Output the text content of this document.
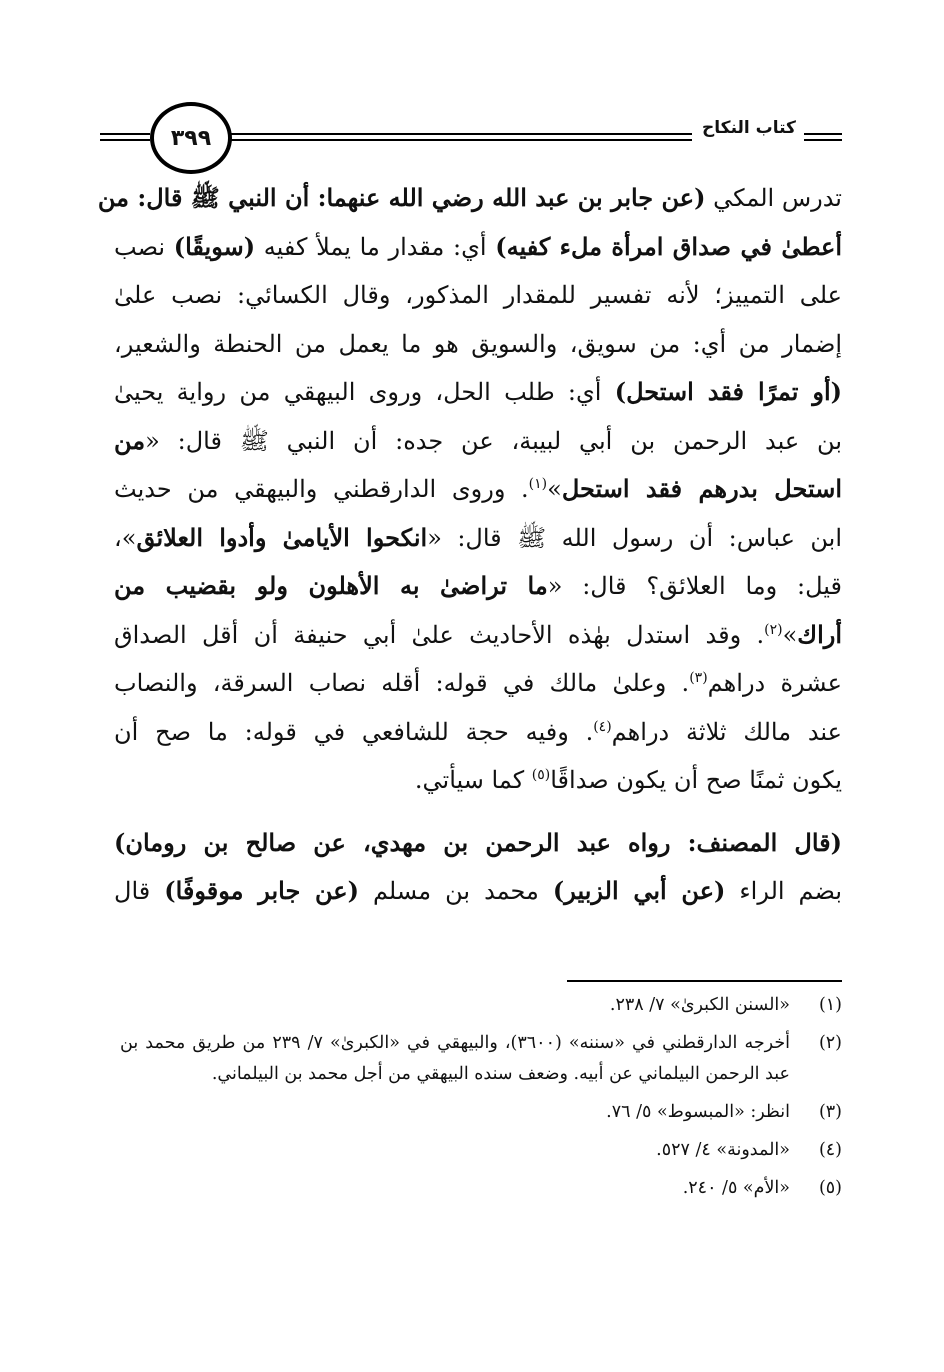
٣٩٩	كتاب النكاح
تدرس المكي (عن جابر بن عبد الله رضي الله عنهما: أن النبي ﷺ قال: من
أعطىٰ في صداق امرأة ملء كفيه) أي: مقدار ما يملأ كفيه (سويقًا) نصب
على التمييز؛ لأنه تفسير للمقدار المذكور، وقال الكسائي: نصب علىٰ
إضمار من أي: من سويق، والسويق هو ما يعمل من الحنطة والشعير،
(أو تمرًا فقد استحل) أي: طلب الحل، وروى البيهقي من رواية يحيىٰ
بن عبد الرحمن بن أبي لبيبة، عن جده: أن النبي ﷺ قال: «من
استحل بدرهم فقد استحل»$^{(١)}$. وروى الدارقطني والبيهقي من حديث
ابن عباس: أن رسول الله ﷺ قال: «انكحوا الأيامىٰ وأدوا العلائق»،
قيل: وما العلائق؟ قال: «ما تراضىٰ به الأهلون ولو بقضيب من
أراك»$^{(٢)}$. وقد استدل بهٰذه الأحاديث علىٰ أبي حنيفة أن أقل الصداق
عشرة دراهم$^{(٣)}$. وعلىٰ مالك في قوله: أقله نصاب السرقة، والنصاب
عند مالك ثلاثة دراهم$^{(٤)}$. وفيه حجة للشافعي في قوله: ما صح أن
يكون ثمنًا صح أن يكون صداقًا$^{(٥)}$ كما سيأتي.
(قال المصنف: رواه عبد الرحمن بن مهدي، عن صالح بن رومان)
بضم الراء (عن أبي الزبير) محمد بن مسلم (عن جابر موقوفًا) قال
(١)
«السنن الكبرىٰ» ٧/ ٢٣٨.
(٢)
أخرجه الدارقطني في «سننه» (٣٦٠٠)، والبيهقي في «الكبرىٰ» ٧/ ٢٣٩ من طريق محمد بن عبد الرحمن البيلماني عن أبيه. وضعف سنده البيهقي من أجل محمد بن البيلماني.
(٣)
انظر: «المبسوط» ٥/ ٧٦.
(٤)
«المدونة» ٤/ ٥٢٧.
(٥)
«الأم» ٥/ ٢٤٠.
